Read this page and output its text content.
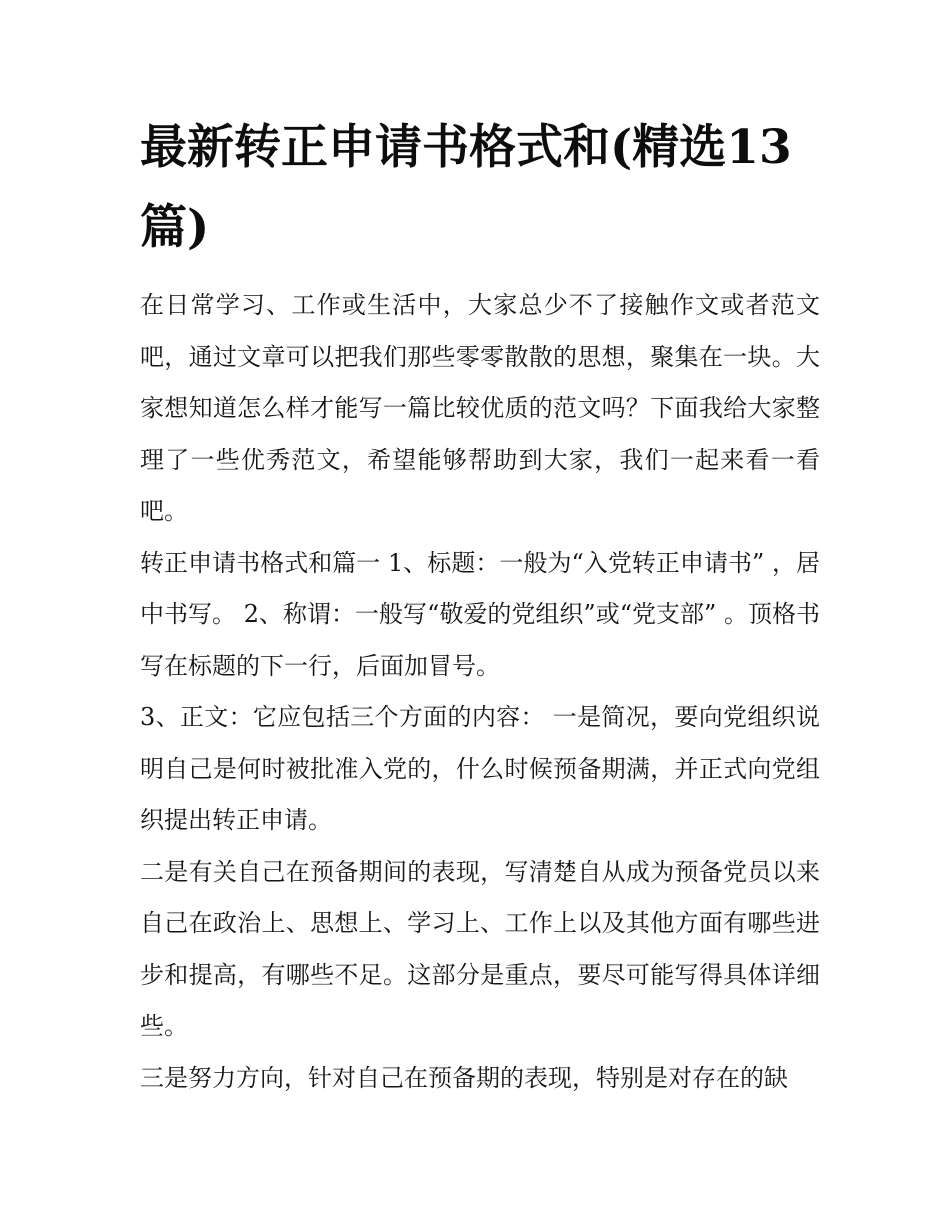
最新转正申请书格式和(精选13篇)

在日常学习、工作或生活中，大家总少不了接触作文或者范文吧，通过文章可以把我们那些零零散散的思想，聚集在一块。大家想知道怎么样才能写一篇比较优质的范文吗？下面我给大家整理了一些优秀范文，希望能够帮助到大家，我们一起来看一看吧。

转正申请书格式和篇一 1、标题：一般为“入党转正申请书” ，居中书写。 2、称谓：一般写“敬爱的党组织”或“党支部” 。顶格书写在标题的下一行，后面加冒号。

3、正文：它应包括三个方面的内容： 一是简况，要向党组织说明自己是何时被批准入党的，什么时候预备期满，并正式向党组织提出转正申请。

二是有关自己在预备期间的表现，写清楚自从成为预备党员以来自己在政治上、思想上、学习上、工作上以及其他方面有哪些进步和提高，有哪些不足。这部分是重点，要尽可能写得具体详细些。

三是努力方向，针对自己在预备期的表现，特别是对存在的缺
